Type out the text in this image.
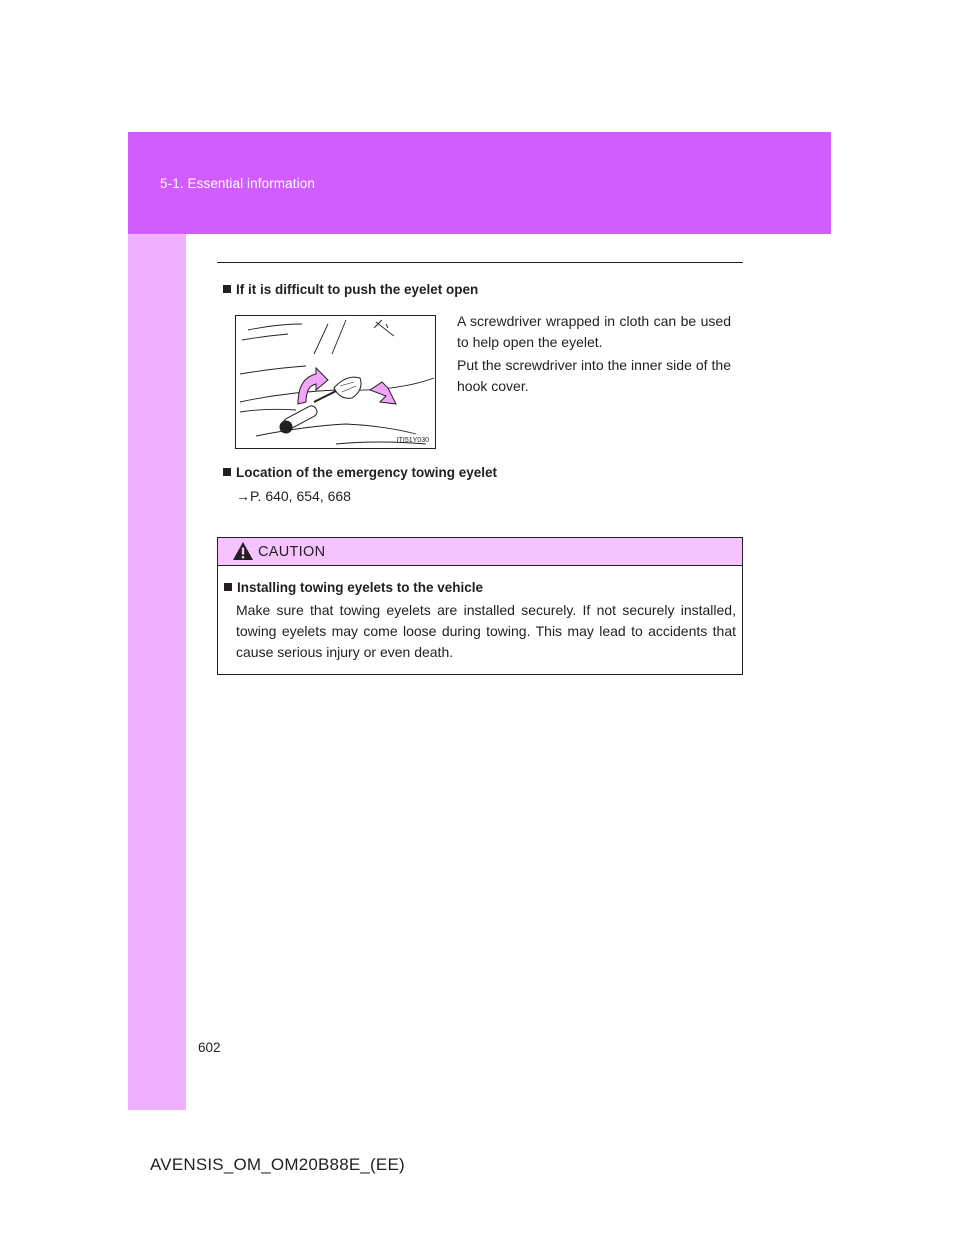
5-1. Essential information
If it is difficult to push the eyelet open
ITI51Y030
A screwdriver wrapped in cloth can be used to help open the eyelet.
Put the screwdriver into the inner side of the hook cover.
Location of the emergency towing eyelet
→P. 640, 654, 668
CAUTION
Installing towing eyelets to the vehicle
Make sure that towing eyelets are installed securely. If not securely installed, towing eyelets may come loose during towing. This may lead to accidents that cause serious injury or even death.
602
AVENSIS_OM_OM20B88E_(EE)
